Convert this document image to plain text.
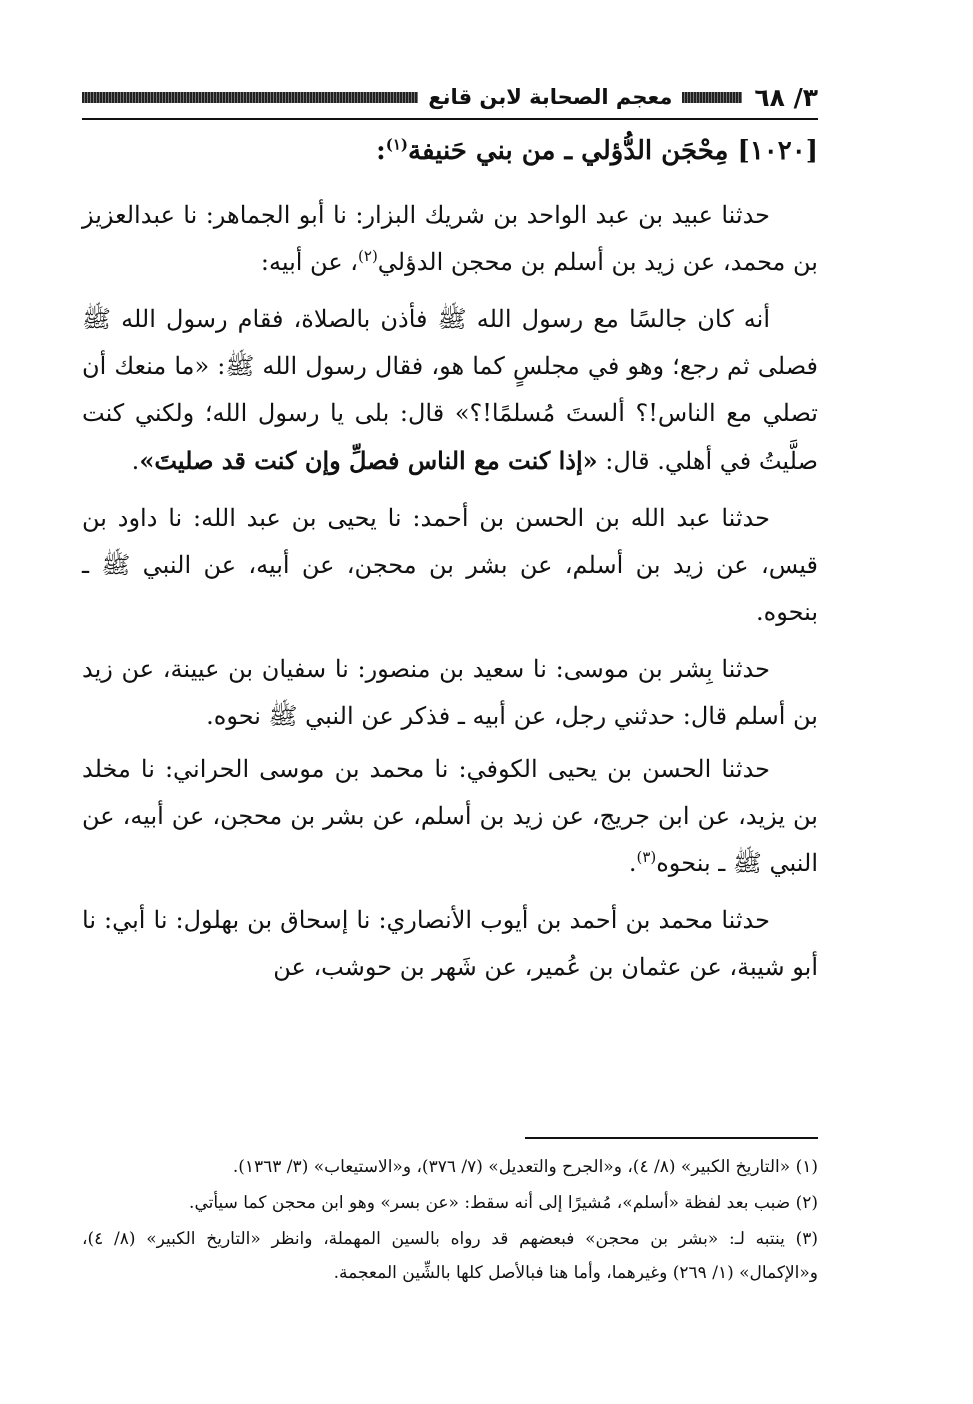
٣/ ٦٨
معجم الصحابة لابن قانع

[١٠٢٠] مِحْجَن الدُّؤلي ـ من بني حَنيفة$^{(١)}$:

حدثنا عبيد بن عبد الواحد بن شريك البزار: نا أبو الجماهر: نا عبدالعزيز بن محمد، عن زيد بن أسلم بن محجن الدؤلي$^{(٢)}$، عن أبيه:

أنه كان جالسًا مع رسول الله ﷺ فأذن بالصلاة، فقام رسول الله ﷺ فصلى ثم رجع؛ وهو في مجلسٍ كما هو، فقال رسول الله ﷺ: «ما منعك أن تصلي مع الناس!؟ ألستَ مُسلمًا!؟» قال: بلى يا رسول الله؛ ولكني كنت صلَّيتُ في أهلي. قال: «إذا كنت مع الناس فصلِّ وإن كنت قد صليتَ».

حدثنا عبد الله بن الحسن بن أحمد: نا يحيى بن عبد الله: نا داود بن قيس، عن زيد بن أسلم، عن بشر بن محجن، عن أبيه، عن النبي ﷺ ـ بنحوه.

حدثنا بِشر بن موسى: نا سعيد بن منصور: نا سفيان بن عيينة، عن زيد بن أسلم قال: حدثني رجل، عن أبيه ـ فذكر عن النبي ﷺ نحوه.

حدثنا الحسن بن يحيى الكوفي: نا محمد بن موسى الحراني: نا مخلد بن يزيد، عن ابن جريج، عن زيد بن أسلم، عن بشر بن محجن، عن أبيه، عن النبي ﷺ ـ بنحوه$^{(٣)}$.

حدثنا محمد بن أحمد بن أيوب الأنصاري: نا إسحاق بن بهلول: نا أبي: نا أبو شيبة، عن عثمان بن عُمير، عن شَهر بن حوشب، عن

(١) «التاريخ الكبير» (٨/ ٤)، و«الجرح والتعديل» (٧/ ٣٧٦)، و«الاستيعاب» (٣/ ١٣٦٣).

(٢) ضبب بعد لفظة «أسلم»، مُشيرًا إلى أنه سقط: «عن بسر» وهو ابن محجن كما سيأتي.

(٣) ينتبه لـ: «بشر بن محجن» فبعضهم قد رواه بالسين المهملة، وانظر «التاريخ الكبير» (٨/ ٤)، و«الإكمال» (١/ ٢٦٩) وغيرهما، وأما هنا فبالأصل كلها بالشِّين المعجمة.
